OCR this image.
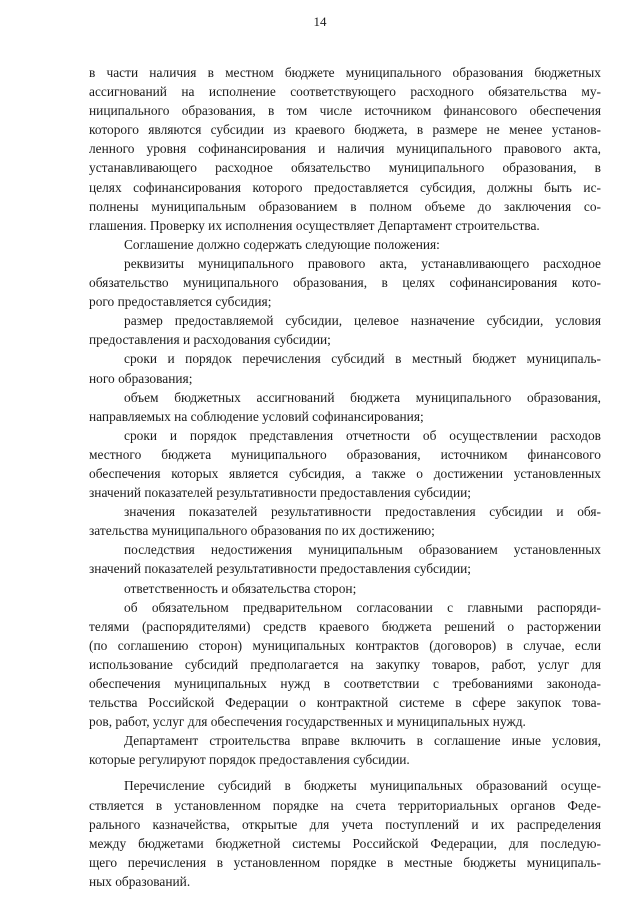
14
в части наличия в местном бюджете муниципального образования бюджетных
ассигнований на исполнение соответствующего расходного обязательства му-
ниципального образования, в том числе источником финансового обеспечения
которого являются субсидии из краевого бюджета, в размере не менее установ-
ленного уровня софинансирования и наличия муниципального правового акта,
устанавливающего расходное обязательство муниципального образования, в
целях софинансирования которого предоставляется субсидия, должны быть ис-
полнены муниципальным образованием в полном объеме до заключения со-
глашения. Проверку их исполнения осуществляет Департамент строительства.
Соглашение должно содержать следующие положения:
реквизиты муниципального правового акта, устанавливающего расходное
обязательство муниципального образования, в целях софинансирования кото-
рого предоставляется субсидия;
размер предоставляемой субсидии, целевое назначение субсидии, условия
предоставления и расходования субсидии;
сроки и порядок перечисления субсидий в местный бюджет муниципаль-
ного образования;
объем бюджетных ассигнований бюджета муниципального образования,
направляемых на соблюдение условий софинансирования;
сроки и порядок представления отчетности об осуществлении расходов
местного бюджета муниципального образования, источником финансового
обеспечения которых является субсидия, а также о достижении установленных
значений показателей результативности предоставления субсидии;
значения показателей результативности предоставления субсидии и обя-
зательства муниципального образования по их достижению;
последствия недостижения муниципальным образованием установленных
значений показателей результативности предоставления субсидии;
ответственность и обязательства сторон;
об обязательном предварительном согласовании с главными распоряди-
телями (распорядителями) средств краевого бюджета решений о расторжении
(по соглашению сторон) муниципальных контрактов (договоров) в случае, если
использование субсидий предполагается на закупку товаров, работ, услуг для
обеспечения муниципальных нужд в соответствии с требованиями законода-
тельства Российской Федерации о контрактной системе в сфере закупок това-
ров, работ, услуг для обеспечения государственных и муниципальных нужд.
Департамент строительства вправе включить в соглашение иные условия,
которые регулируют порядок предоставления субсидии.
Перечисление субсидий в бюджеты муниципальных образований осуще-
ствляется в установленном порядке на счета территориальных органов Феде-
рального казначейства, открытые для учета поступлений и их распределения
между бюджетами бюджетной системы Российской Федерации, для последую-
щего перечисления в установленном порядке в местные бюджеты муниципаль-
ных образований.
